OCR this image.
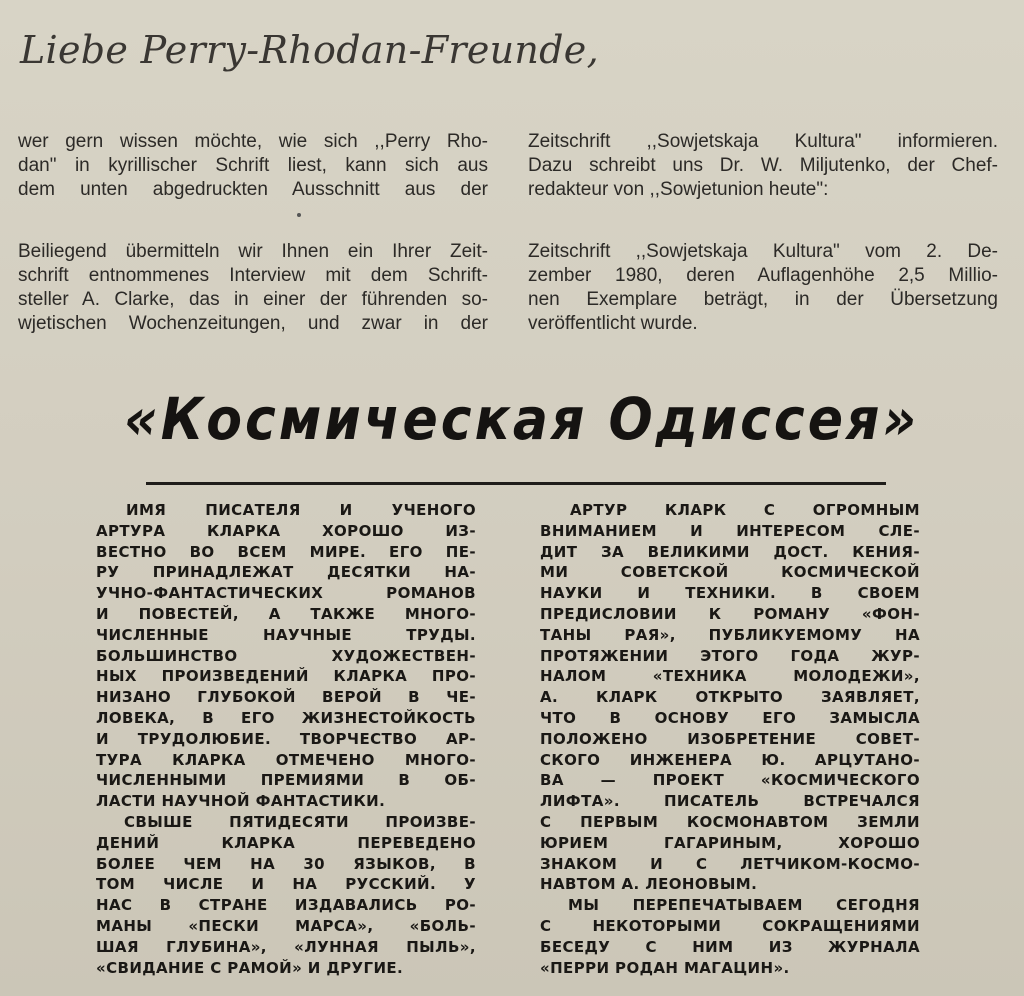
Liebe Perry-Rhodan-Freunde,
wer gern wissen möchte, wie sich ,,Perry Rho-
dan" in kyrillischer Schrift liest, kann sich aus
dem unten abgedruckten Ausschnitt aus der
Zeitschrift ,,Sowjetskaja Kultura" informieren.
Dazu schreibt uns Dr. W. Miljutenko, der Chef-
redakteur von ,,Sowjetunion heute":
Beiliegend übermitteln wir Ihnen ein Ihrer Zeit-
schrift entnommenes Interview mit dem Schrift-
steller A. Clarke, das in einer der führenden so-
wjetischen Wochenzeitungen, und zwar in der
Zeitschrift ,,Sowjetskaja Kultura" vom 2. De-
zember 1980, deren Auflagenhöhe 2,5 Millio-
nen Exemplare beträgt, in der Übersetzung
veröffentlicht wurde.
«Космическая Одиссея»
ИМЯ ПИСАТЕЛЯ И УЧЕНОГО
АРТУРА КЛАРКА ХОРОШО ИЗ-
ВЕСТНО ВО ВСЕМ МИРЕ. ЕГО ПЕ-
РУ ПРИНАДЛЕЖАТ ДЕСЯТКИ НА-
УЧНО-ФАНТАСТИЧЕСКИХ РОМАНОВ
И ПОВЕСТЕЙ, А ТАКЖЕ МНОГО-
ЧИСЛЕННЫЕ НАУЧНЫЕ ТРУДЫ.
БОЛЬШИНСТВО ХУДОЖЕСТВЕН-
НЫХ ПРОИЗВЕДЕНИЙ КЛАРКА ПРО-
НИЗАНО ГЛУБОКОЙ ВЕРОЙ В ЧЕ-
ЛОВЕКА, В ЕГО ЖИЗНЕСТОЙКОСТЬ
И ТРУДОЛЮБИЕ. ТВОРЧЕСТВО АР-
ТУРА КЛАРКА ОТМЕЧЕНО МНОГО-
ЧИСЛЕННЫМИ ПРЕМИЯМИ В ОБ-
ЛАСТИ НАУЧНОЙ ФАНТАСТИКИ.
СВЫШЕ ПЯТИДЕСЯТИ ПРОИЗВЕ-
ДЕНИЙ КЛАРКА ПЕРЕВЕДЕНО
БОЛЕЕ ЧЕМ НА 30 ЯЗЫКОВ, В
ТОМ ЧИСЛЕ И НА РУССКИЙ. У
НАС В СТРАНЕ ИЗДАВАЛИСЬ РО-
МАНЫ «ПЕСКИ МАРСА», «БОЛЬ-
ШАЯ ГЛУБИНА», «ЛУННАЯ ПЫЛЬ»,
«СВИДАНИЕ С РАМОЙ» И ДРУГИЕ.
АРТУР КЛАРК С ОГРОМНЫМ
ВНИМАНИЕМ И ИНТЕРЕСОМ СЛЕ-
ДИТ ЗА ВЕЛИКИМИ ДОСТ. КЕНИЯ-
МИ СОВЕТСКОЙ КОСМИЧЕСКОЙ
НАУКИ И ТЕХНИКИ. В СВОЕМ
ПРЕДИСЛОВИИ К РОМАНУ «ФОН-
ТАНЫ РАЯ», ПУБЛИКУЕМОМУ НА
ПРОТЯЖЕНИИ ЭТОГО ГОДА ЖУР-
НАЛОМ «ТЕХНИКА МОЛОДЕЖИ»,
А. КЛАРК ОТКРЫТО ЗАЯВЛЯЕТ,
ЧТО В ОСНОВУ ЕГО ЗАМЫСЛА
ПОЛОЖЕНО ИЗОБРЕТЕНИЕ СОВЕТ-
СКОГО ИНЖЕНЕРА Ю. АРЦУТАНО-
ВА — ПРОЕКТ «КОСМИЧЕСКОГО
ЛИФТА». ПИСАТЕЛЬ ВСТРЕЧАЛСЯ
С ПЕРВЫМ КОСМОНАВТОМ ЗЕМЛИ
ЮРИЕМ ГАГАРИНЫМ, ХОРОШО
ЗНАКОМ И С ЛЕТЧИКОМ-КОСМО-
НАВТОМ А. ЛЕОНОВЫМ.
МЫ ПЕРЕПЕЧАТЫВАЕМ СЕГОДНЯ
С НЕКОТОРЫМИ СОКРАЩЕНИЯМИ
БЕСЕДУ С НИМ ИЗ ЖУРНАЛА
«ПЕРРИ РОДАН МАГАЦИН».
